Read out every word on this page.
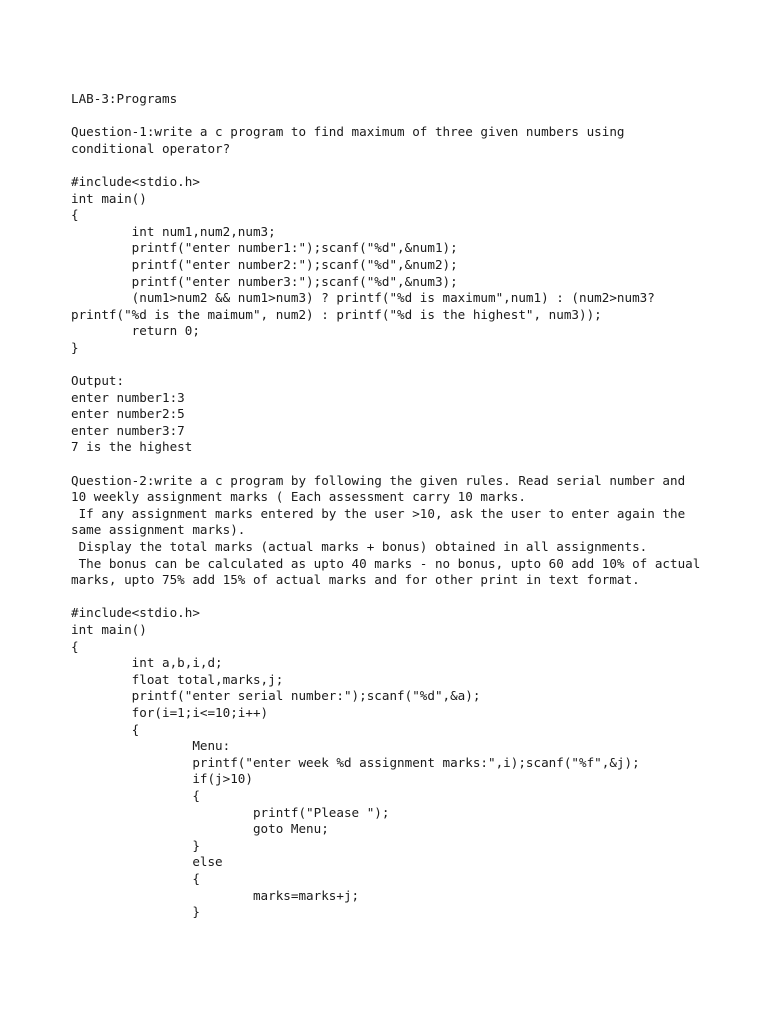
LAB-3:Programs
Question-1:write a c program to find maximum of three given numbers using
conditional operator?
#include<stdio.h>
int main()
{
int num1,num2,num3;
printf("enter number1:");scanf("%d",&num1);
printf("enter number2:");scanf("%d",&num2);
printf("enter number3:");scanf("%d",&num3);
(num1>num2 && num1>num3) ? printf("%d is maximum",num1) : (num2>num3?
printf("%d is the maimum", num2) : printf("%d is the highest", num3));
return 0;
}
Output:
enter number1:3
enter number2:5
enter number3:7
7 is the highest
Question-2:write a c program by following the given rules. Read serial number and
10 weekly assignment marks ( Each assessment carry 10 marks.
If any assignment marks entered by the user >10, ask the user to enter again the
same assignment marks).
Display the total marks (actual marks + bonus) obtained in all assignments.
The bonus can be calculated as upto 40 marks - no bonus, upto 60 add 10% of actual
marks, upto 75% add 15% of actual marks and for other print in text format.
#include<stdio.h>
int main()
{
int a,b,i,d;
float total,marks,j;
printf("enter serial number:");scanf("%d",&a);
for(i=1;i<=10;i++)
{
Menu:
printf("enter week %d assignment marks:",i);scanf("%f",&j);
if(j>10)
{
printf("Please ");
goto Menu;
}
else
{
marks=marks+j;
}
